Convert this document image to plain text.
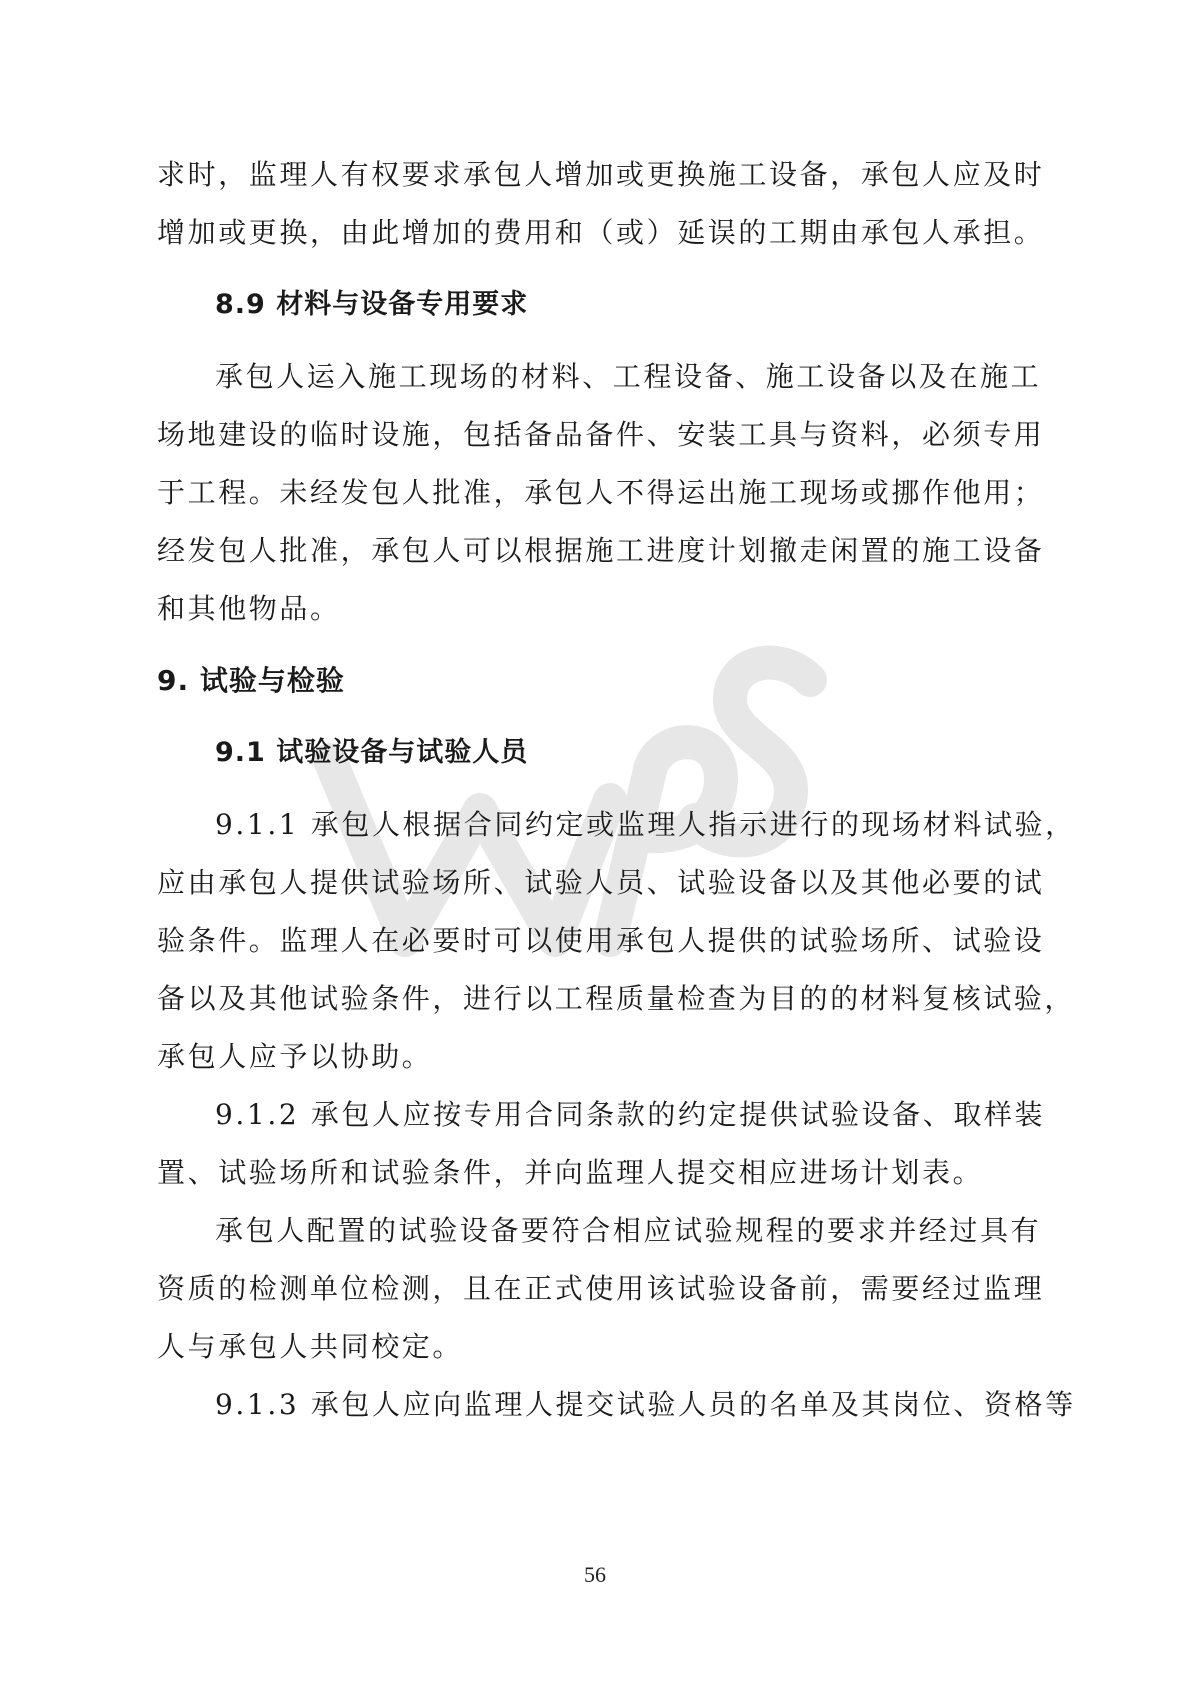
求时，监理人有权要求承包人增加或更换施工设备，承包人应及时
增加或更换，由此增加的费用和（或）延误的工期由承包人承担。
8.9 材料与设备专用要求
承包人运入施工现场的材料、工程设备、施工设备以及在施工
场地建设的临时设施，包括备品备件、安装工具与资料，必须专用
于工程。未经发包人批准，承包人不得运出施工现场或挪作他用；
经发包人批准，承包人可以根据施工进度计划撤走闲置的施工设备
和其他物品。
9. 试验与检验
9.1 试验设备与试验人员
9.1.1 承包人根据合同约定或监理人指示进行的现场材料试验，
应由承包人提供试验场所、试验人员、试验设备以及其他必要的试
验条件。监理人在必要时可以使用承包人提供的试验场所、试验设
备以及其他试验条件，进行以工程质量检查为目的的材料复核试验，
承包人应予以协助。
9.1.2 承包人应按专用合同条款的约定提供试验设备、取样装
置、试验场所和试验条件，并向监理人提交相应进场计划表。
承包人配置的试验设备要符合相应试验规程的要求并经过具有
资质的检测单位检测，且在正式使用该试验设备前，需要经过监理
人与承包人共同校定。
9.1.3 承包人应向监理人提交试验人员的名单及其岗位、资格等
56
